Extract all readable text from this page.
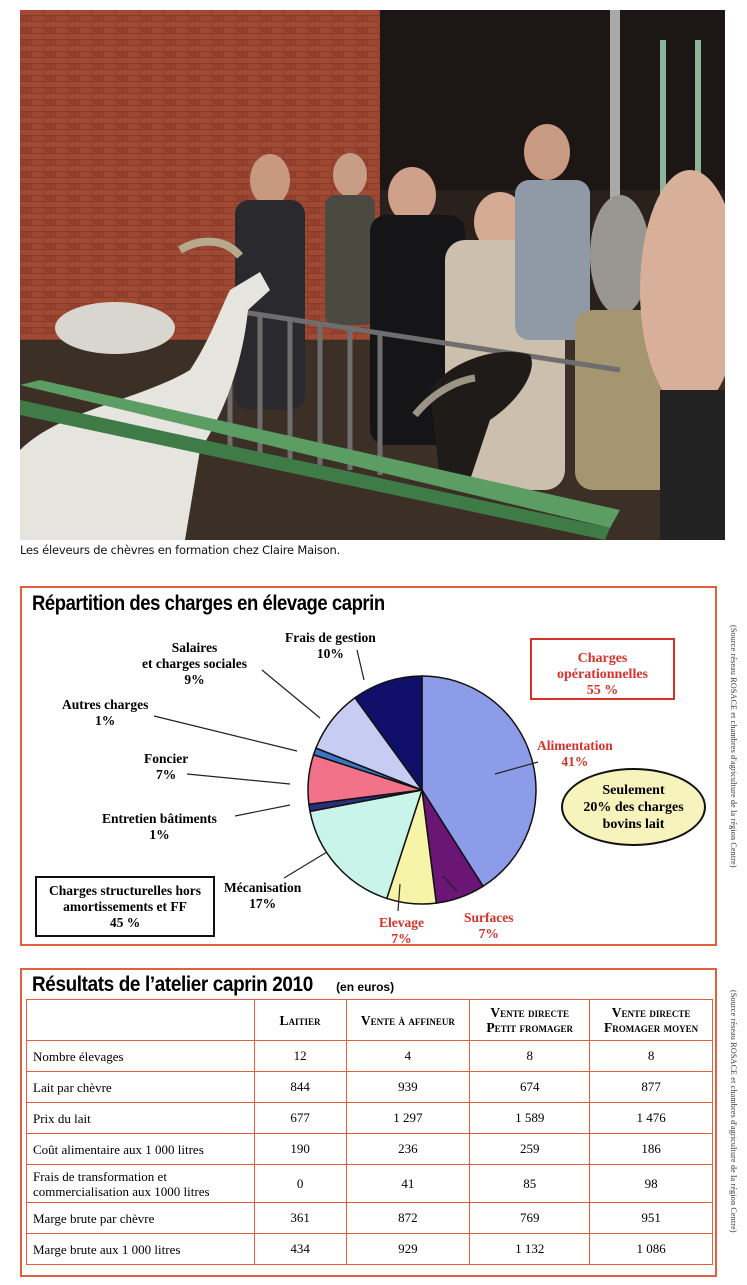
Les éleveurs de chèvres en formation chez Claire Maison.
Répartition des charges en élevage caprin
Frais de gestion
10%
Salaires
et charges sociales
9%
Autres charges
1%
Foncier
7%
Entretien bâtiments
1%
Mécanisation
17%
Elevage
7%
Surfaces
7%
Alimentation
41%
Charges
opérationnelles
55 %
Seulement
20% des charges
bovins lait
Charges structurelles hors
amortissements et FF
45 %
(Source réseau ROSACE et chambres d'agriculture de la région Centre)
Résultats de l’atelier caprin 2010 (en euros)
	Laitier	Vente à affineur	Vente directe
Petit fromager	Vente directe
Fromager moyen
Nombre élevages	12	4	8	8
Lait par chèvre	844	939	674	877
Prix du lait	677	1 297	1 589	1 476
Coût alimentaire aux 1 000 litres	190	236	259	186
Frais de transformation et
commercialisation aux 1000 litres	0	41	85	98
Marge brute par chèvre	361	872	769	951
Marge brute aux 1 000 litres	434	929	1 132	1 086
(Source réseau ROSACE et chambres d'agriculture de la région Centre)
